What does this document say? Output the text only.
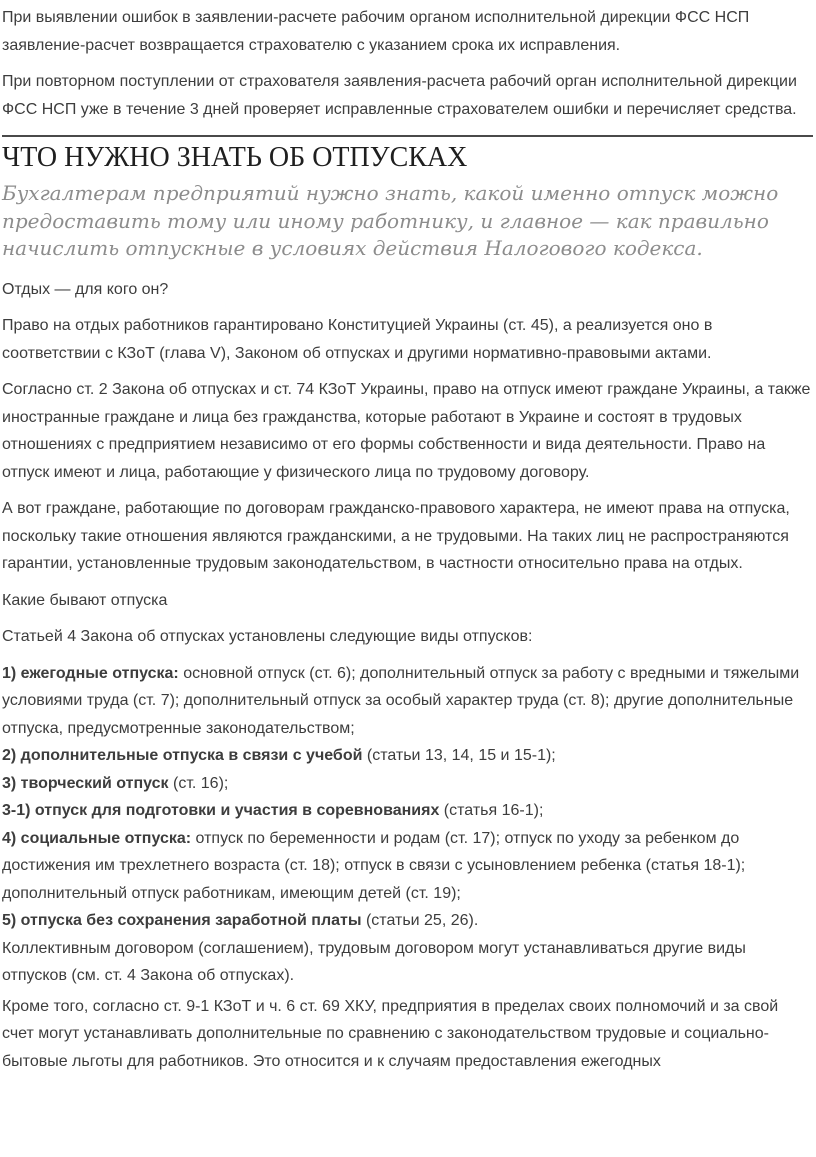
При выявлении ошибок в заявлении-расчете рабочим органом исполнительной дирекции ФСС НСП заявление-расчет возвращается страхователю с указанием срока их исправления.

При повторном поступлении от страхователя заявления-расчета рабочий орган исполнительной дирекции ФСС НСП уже в течение 3 дней проверяет исправленные страхователем ошибки и перечисляет средства.

ЧТО НУЖНО ЗНАТЬ ОБ ОТПУСКАХ

Бухгалтерам предприятий нужно знать, какой именно отпуск можно предоставить тому или иному работнику, и главное — как правильно начислить отпускные в условиях действия Налогового кодекса.

Отдых — для кого он?

Право на отдых работников гарантировано Конституцией Украины (ст. 45), а реализуется оно в соответствии с КЗоТ (глава V), Законом об отпусках и другими нормативно-правовыми актами.

Согласно ст. 2 Закона об отпусках и ст. 74 КЗоТ Украины, право на отпуск имеют граждане Украины, а также иностранные граждане и лица без гражданства, которые работают в Украине и состоят в трудовых отношениях с предприятием независимо от его формы собственности и вида деятельности. Право на отпуск имеют и лица, работающие у физического лица по трудовому договору.

А вот граждане, работающие по договорам гражданско-правового характера, не имеют права на отпуска, поскольку такие отношения являются гражданскими, а не трудовыми. На таких лиц не распространяются гарантии, установленные трудовым законодательством, в частности относительно права на отдых.

Какие бывают отпуска

Статьей 4 Закона об отпусках установлены следующие виды отпусков:

1) ежегодные отпуска: основной отпуск (ст. 6); дополнительный отпуск за работу с вредными и тяжелыми условиями труда (ст. 7); дополнительный отпуск за особый характер труда (ст. 8); другие дополнительные отпуска, предусмотренные законодательством;
2) дополнительные отпуска в связи с учебой (статьи 13, 14, 15 и 15-1);
3) творческий отпуск (ст. 16);
3-1) отпуск для подготовки и участия в соревнованиях (статья 16-1);
4) социальные отпуска: отпуск по беременности и родам (ст. 17); отпуск по уходу за ребенком до достижения им трехлетнего возраста (ст. 18); отпуск в связи с усыновлением ребенка (статья 18-1); дополнительный отпуск работникам, имеющим детей (ст. 19);
5) отпуска без сохранения заработной платы (статьи 25, 26).
Коллективным договором (соглашением), трудовым договором могут устанавливаться другие виды отпусков (см. ст. 4 Закона об отпусках).

Кроме того, согласно ст. 9-1 КЗоТ и ч. 6 ст. 69 ХКУ, предприятия в пределах своих полномочий и за свой счет могут устанавливать дополнительные по сравнению с законодательством трудовые и социально-бытовые льготы для работников. Это относится и к случаям предоставления ежегодных
